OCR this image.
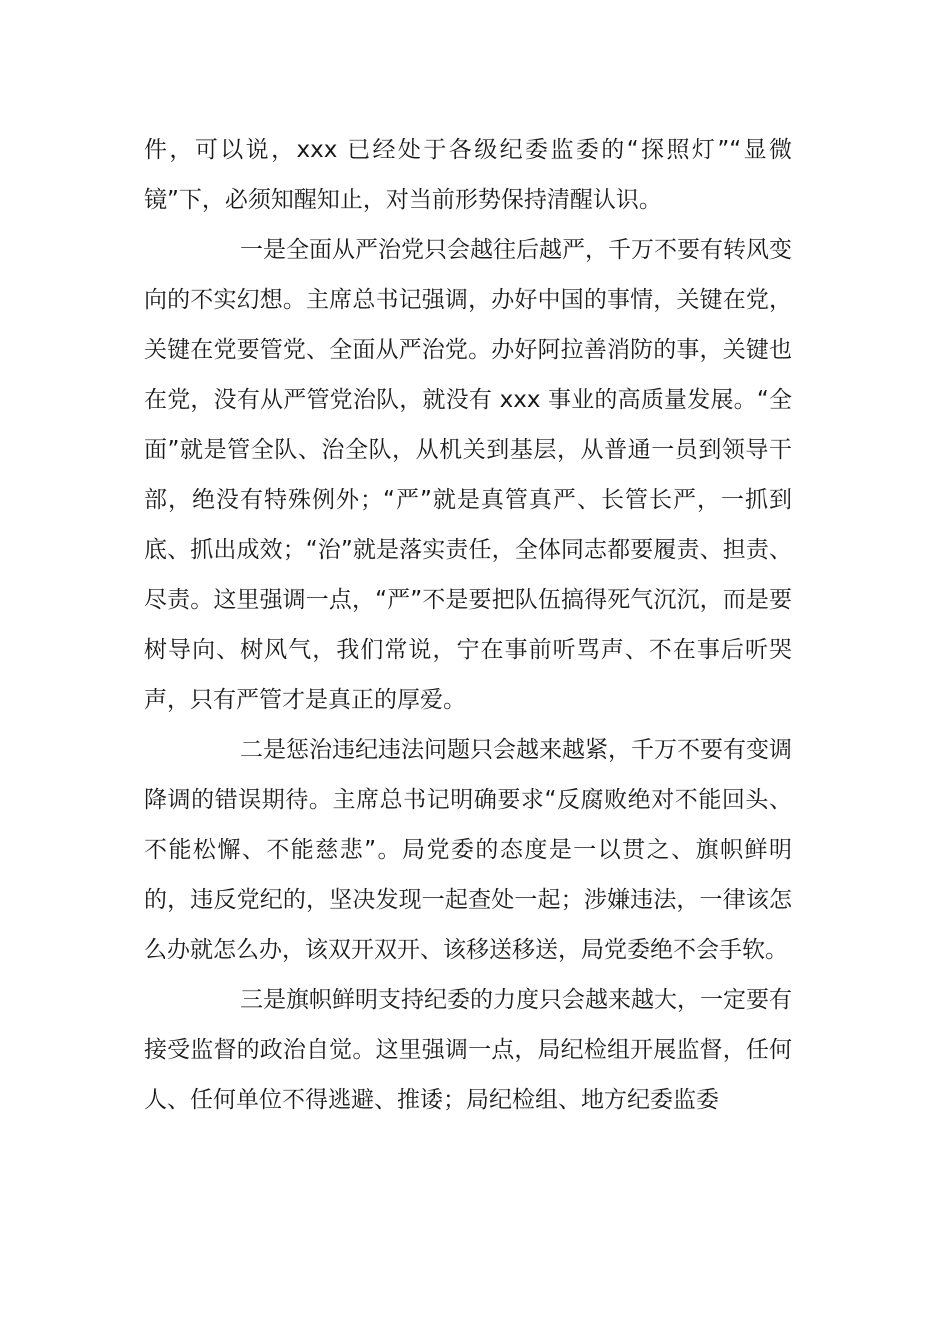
件，可以说，xxx 已经处于各级纪委监委的“探照灯”“显微镜”下，必须知醒知止，对当前形势保持清醒认识。

一是全面从严治党只会越往后越严，千万不要有转风变向的不实幻想。主席总书记强调，办好中国的事情，关键在党，关键在党要管党、全面从严治党。办好阿拉善消防的事，关键也在党，没有从严管党治队，就没有 xxx 事业的高质量发展。“全面”就是管全队、治全队，从机关到基层，从普通一员到领导干部，绝没有特殊例外；“严”就是真管真严、长管长严，一抓到底、抓出成效；“治”就是落实责任，全体同志都要履责、担责、尽责。这里强调一点，“严”不是要把队伍搞得死气沉沉，而是要树导向、树风气，我们常说，宁在事前听骂声、不在事后听哭声，只有严管才是真正的厚爱。

二是惩治违纪违法问题只会越来越紧，千万不要有变调降调的错误期待。主席总书记明确要求“反腐败绝对不能回头、不能松懈、不能慈悲”。局党委的态度是一以贯之、旗帜鲜明的，违反党纪的，坚决发现一起查处一起；涉嫌违法，一律该怎么办就怎么办，该双开双开、该移送移送，局党委绝不会手软。

三是旗帜鲜明支持纪委的力度只会越来越大，一定要有接受监督的政治自觉。这里强调一点，局纪检组开展监督，任何人、任何单位不得逃避、推诿；局纪检组、地方纪委监委
